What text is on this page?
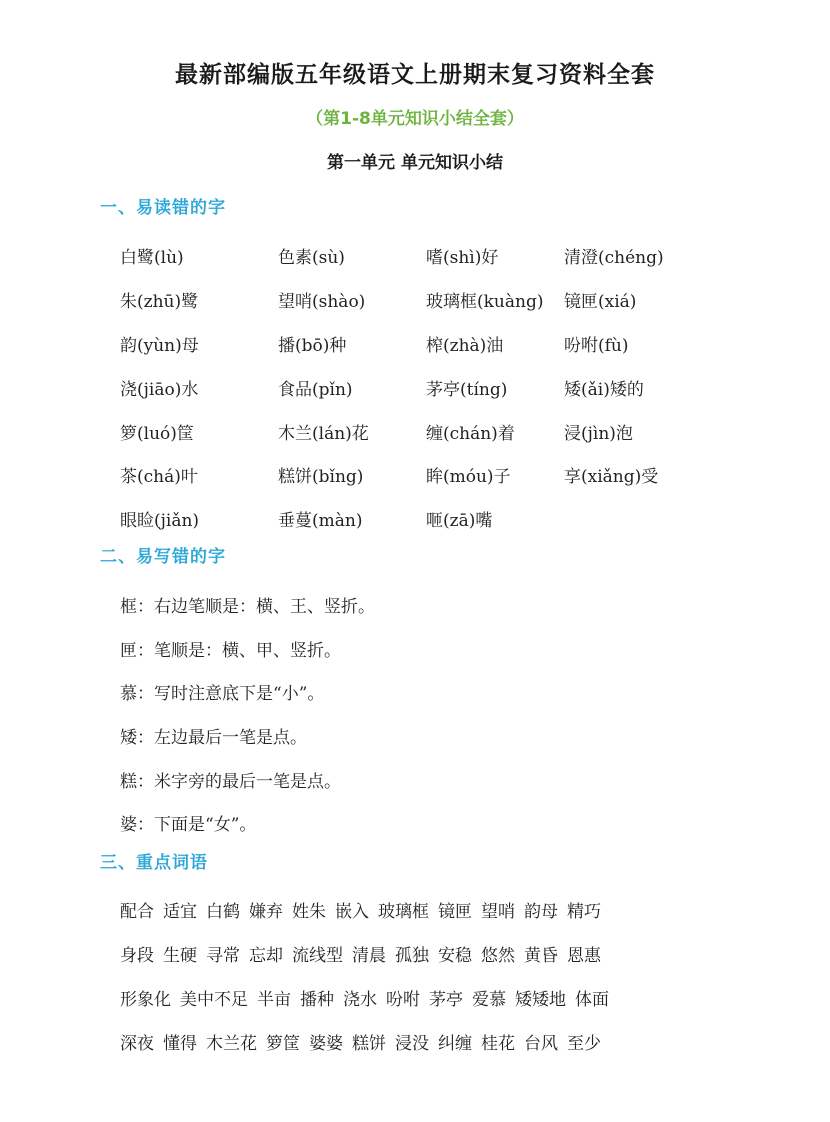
最新部编版五年级语文上册期末复习资料全套
（第1-8单元知识小结全套）
第一单元 单元知识小结
一、易读错的字
白鹭(lù)	色素(sù)	嗜(shì)好	清澄(chéng)
朱(zhū)鹭	望哨(shào)	玻璃框(kuàng)	镜匣(xiá)
韵(yùn)母	播(bō)种	榨(zhà)油	吩咐(fù)
浇(jiāo)水	食品(pǐn)	茅亭(tíng)	矮(ǎi)矮的
箩(luó)筐	木兰(lán)花	缠(chán)着	浸(jìn)泡
茶(chá)叶	糕饼(bǐng)	眸(móu)子	享(xiǎng)受
眼睑(jiǎn)	垂蔓(màn)	咂(zā)嘴
二、易写错的字
框：右边笔顺是：横、王、竖折。
匣：笔顺是：横、甲、竖折。
慕：写时注意底下是“小”。
矮：左边最后一笔是点。
糕：米字旁的最后一笔是点。
婆：下面是“女”。
三、重点词语
配合 适宜 白鹤 嫌弃 姓朱 嵌入 玻璃框 镜匣 望哨 韵母 精巧
身段 生硬 寻常 忘却 流线型 清晨 孤独 安稳 悠然 黄昏 恩惠
形象化 美中不足 半亩 播种 浇水 吩咐 茅亭 爱慕 矮矮地 体面
深夜 懂得 木兰花 箩筐 婆婆 糕饼 浸没 纠缠 桂花 台风 至少
